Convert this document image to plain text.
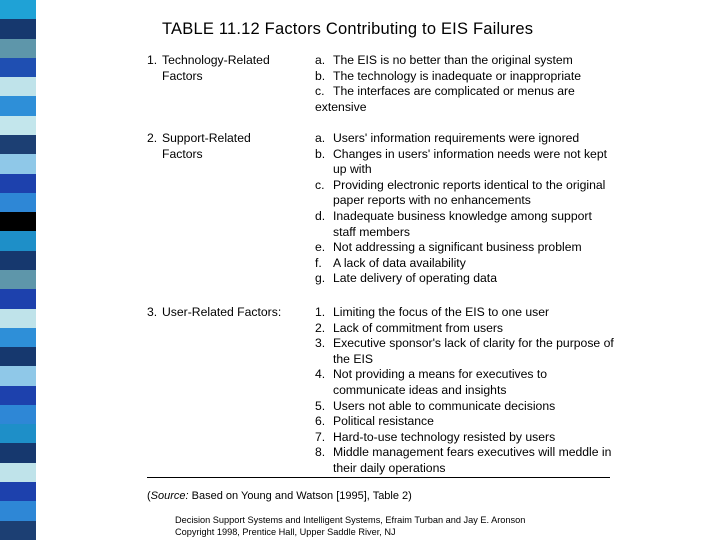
TABLE 11.12 Factors Contributing to EIS Failures
1. Technology-Related
Factors
a. The EIS is no better than the original system
b. The technology is inadequate or inappropriate
c. The interfaces are complicated or menus are extensive
2. Support-Related
Factors
a. Users' information requirements were ignored
b. Changes in users' information needs were not kept up with
c. Providing electronic reports identical to the original paper reports with no enhancements
d. Inadequate business knowledge among support staff members
e. Not addressing a significant business problem
f. A lack of data availability
g. Late delivery of operating data
3. User-Related Factors:	1. Limiting the focus of the EIS to one user
2. Lack of commitment from users
3. Executive sponsor's lack of clarity for the purpose of the EIS
4. Not providing a means for executives to communicate ideas and insights
5. Users not able to communicate decisions
6. Political resistance
7. Hard-to-use technology resisted by users
8. Middle management fears executives will meddle in their daily operations
(Source: Based on Young and Watson [1995], Table 2)
Decision Support Systems and Intelligent Systems, Efraim Turban and Jay E. Aronson
Copyright 1998, Prentice Hall, Upper Saddle River, NJ
